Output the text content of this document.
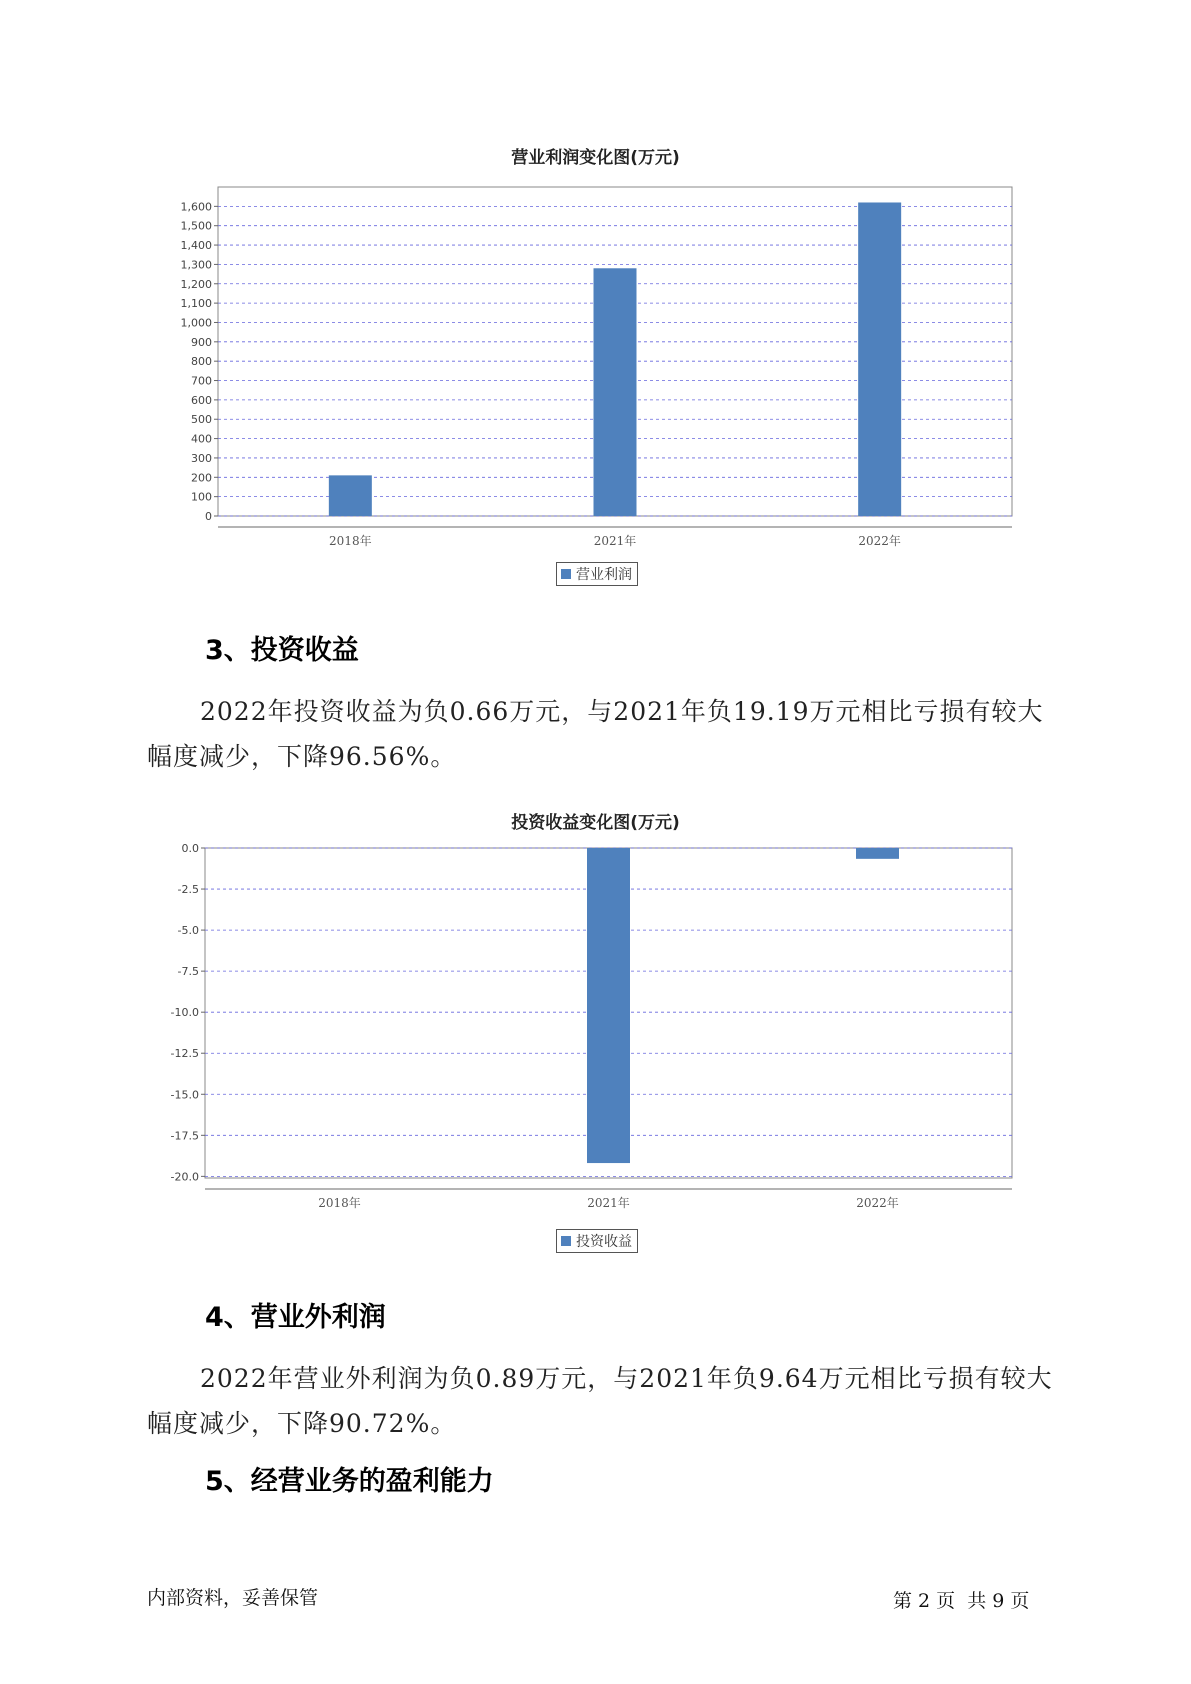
营业利润变化图(万元)
0
100
200
300
400
500
600
700
800
900
1,000
1,100
1,200
1,300
1,400
1,500
1,600
2018年	2021年	2022年
营业利润
3、投资收益
2022年投资收益为负0.66万元，与2021年负19.19万元相比亏损有较大幅度减少，下降96.56%。
投资收益变化图(万元)
0.0
-2.5
-5.0
-7.5
-10.0
-12.5
-15.0
-17.5
-20.0
2018年	2021年	2022年
投资收益
4、营业外利润
2022年营业外利润为负0.89万元，与2021年负9.64万元相比亏损有较大幅度减少，下降90.72%。
5、经营业务的盈利能力
内部资料，妥善保管	第 2 页  共 9 页
